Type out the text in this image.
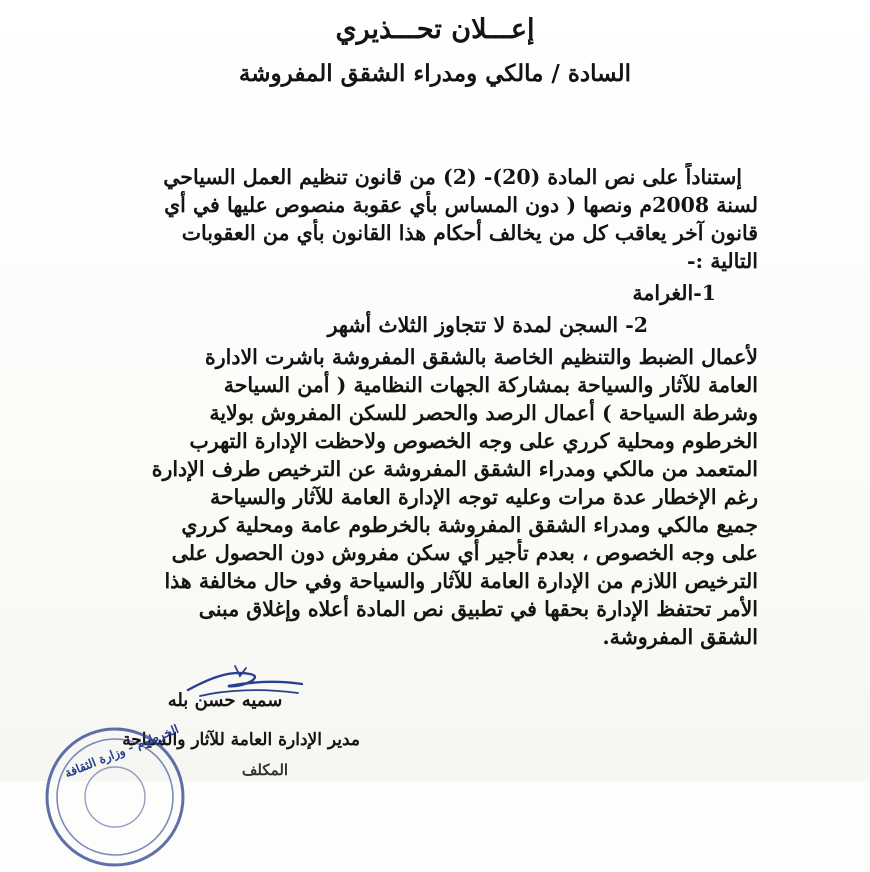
إعـــلان تحـــذيري
السادة / مالكي ومدراء الشقق المفروشة
إستناداً على نص المادة (20)- (2) من قانون تنظيم العمل السياحي
لسنة 2008م ونصها ( دون المساس بأي عقوبة منصوص عليها في أي
قانون آخر يعاقب كل من يخالف أحكام هذا القانون بأي من العقوبات
التالية :-
1-الغرامة
2- السجن لمدة لا تتجاوز الثلاث أشهر
لأعمال الضبط والتنظيم الخاصة بالشقق المفروشة باشرت الادارة
العامة للآثار والسياحة بمشاركة الجهات النظامية ( أمن السياحة
وشرطة السياحة ) أعمال الرصد والحصر للسكن المفروش بولاية
الخرطوم ومحلية كرري على وجه الخصوص ولاحظت الإدارة التهرب
المتعمد من مالكي ومدراء الشقق المفروشة عن الترخيص طرف الإدارة
رغم الإخطار عدة مرات وعليه توجه الإدارة العامة للآثار والسياحة
جميع مالكي ومدراء الشقق المفروشة بالخرطوم عامة ومحلية كرري
على وجه الخصوص ، بعدم تأجير أي سكن مفروش دون الحصول على
الترخيص اللازم من الإدارة العامة للآثار والسياحة وفي حال مخالفة هذا
الأمر تحتفظ الإدارة بحقها في تطبيق نص المادة أعلاه وإغلاق مبنى
الشقق المفروشة.
سميه حسن بله
مدير الإدارة العامة للآثار والسياحة
المكلف
الخرطوم - وزارة الثقافة
